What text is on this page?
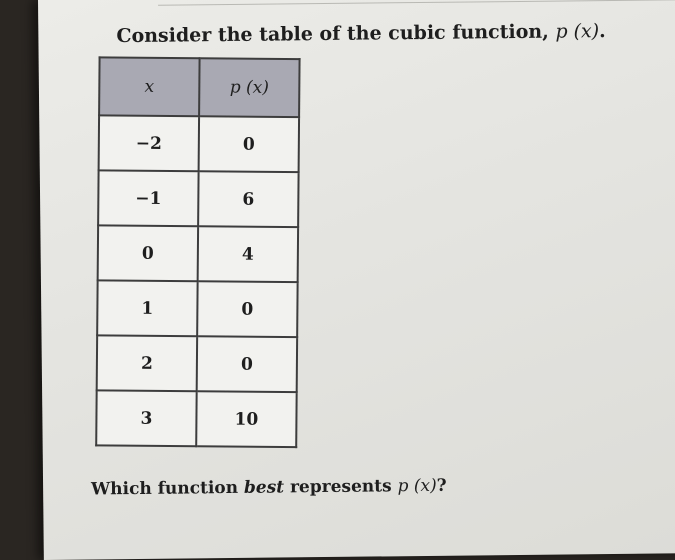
Consider the table of the cubic function, p (x).

x	p (x)
−2	0
−1	6
0	4
1	0
2	0
3	10

Which function best represents p (x)?
